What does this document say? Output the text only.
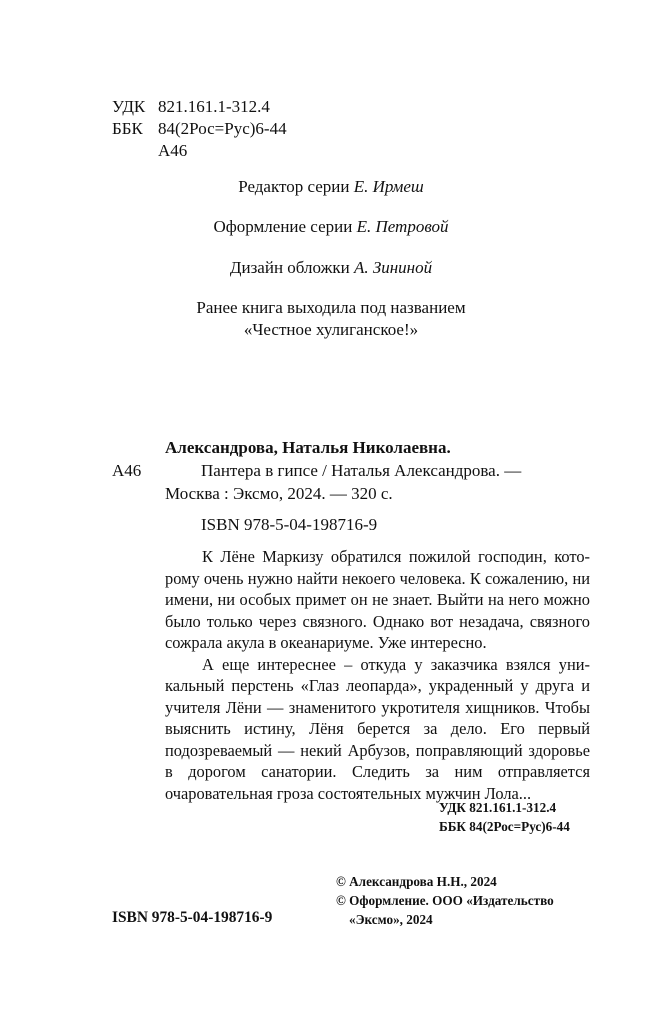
УДК 821.161.1-312.4
ББК 84(2Рос=Рус)6-44
А46
Редактор серии Е. Ирмеш
Оформление серии Е. Петровой
Дизайн обложки А. Зининой
Ранее книга выходила под названием
«Честное хулиганское!»
Александрова, Наталья Николаевна.
А46	Пантера в гипсе / Наталья Александрова. —
Москва : Эксмо, 2024. — 320 с.
ISBN 978-5-04-198716-9

К Лёне Маркизу обратился пожилой господин, которому очень нужно найти некоего человека. К сожалению, ни имени, ни особых примет он не знает. Выйти на него можно было только через связного. Однако вот незадача, связного сожрала акула в океанариуме. Уже интересно.

А еще интереснее – откуда у заказчика взялся уникальный перстень «Глаз леопарда», украденный у друга и учителя Лёни — знаменитого укротителя хищников. Чтобы выяснить истину, Лёня берется за дело. Его первый подозреваемый — некий Арбузов, поправляющий здоровье в дорогом санатории. Следить за ним отправляется очаровательная гроза состоятельных мужчин Лола...

УДК 821.161.1-312.4
ББК 84(2Рос=Рус)6-44
© Александрова Н.Н., 2024
© Оформление. ООО «Издательство
«Эксмо», 2024
ISBN 978-5-04-198716-9
